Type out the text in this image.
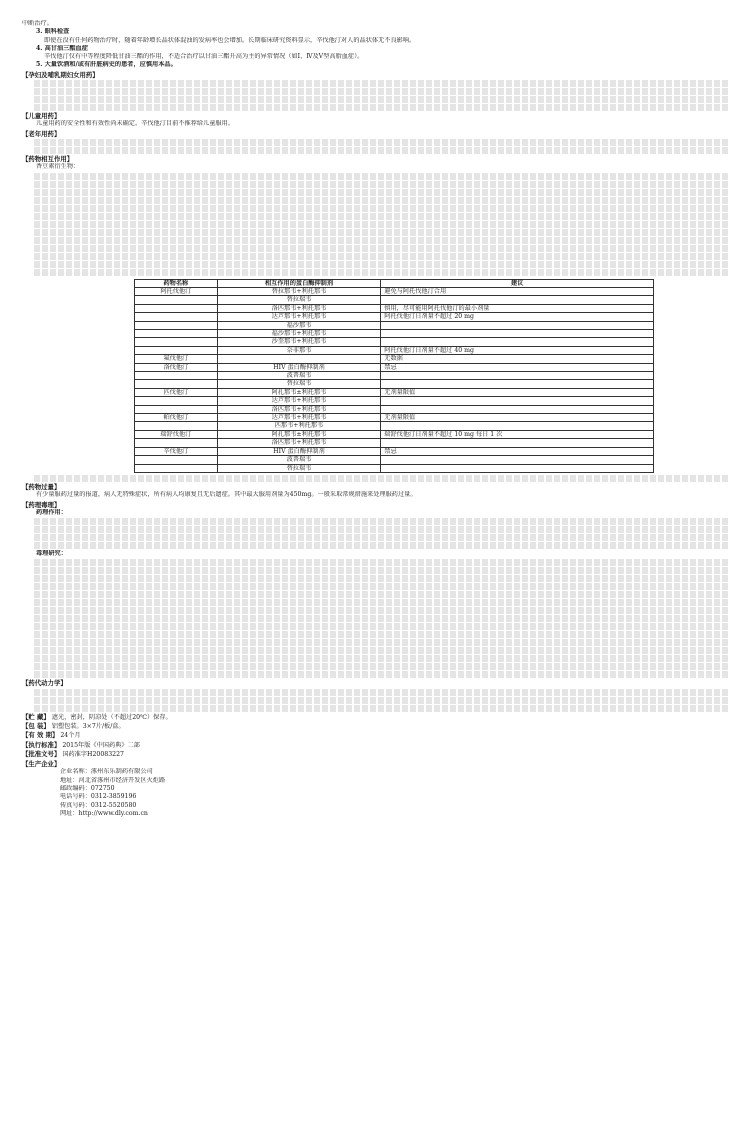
中断治疗。
3. 眼科检查
即使在没有任何药物治疗时，随着年龄增长晶状体混浊的发病率也会增加。长期临床研究资料显示，辛伐他汀对人的晶状体无不良影响。
4. 高甘油三酯血症
辛伐他汀仅有中等程度降低甘油三酯的作用，不适合治疗以甘油三酯升高为主的异常情况（如Ⅰ、Ⅳ及Ⅴ型高脂血症）。
5. 大量饮酒和/或有肝脏病史的患者，应慎用本品。
【孕妇及哺乳期妇女用药】
【儿童用药】
儿童用药的安全性和有效性尚未确定。辛伐他汀目前不推荐给儿童服用。
【老年用药】
【药物相互作用】
香豆素衍生物：
药物名称	相互作用的蛋白酶抑制剂	建议
阿托伐他汀	替拉那韦+利托那韦	避免与阿托伐他汀合用
	替拉瑞韦	
	洛匹那韦+利托那韦	慎用，尽可能用阿托伐他汀的最小剂量
	达芦那韦+利托那韦	阿托伐他汀日剂量不超过 20 mg
	福沙那韦	
	福沙那韦+利托那韦	
	沙奎那韦+利托那韦	
	奈非那韦	阿托伐他汀日剂量不超过 40 mg
氟伐他汀		无数据
洛伐他汀	HIV 蛋白酶抑制剂	禁忌
	波普瑞韦	
	替拉瑞韦	
匹伐他汀	阿扎那韦±利托那韦	无剂量限值
	达芦那韦+利托那韦	
	洛匹那韦+利托那韦	
帕伐他汀	达芦那韦+利托那韦	无剂量限值
	匹那韦+利托那韦	
瑞舒伐他汀	阿扎那韦±利托那韦	瑞舒伐他汀日剂量不超过 10 mg 每日 1 次
	洛匹那韦+利托那韦	
辛伐他汀	HIV 蛋白酶抑制剂	禁忌
	波普瑞韦	
	替拉瑞韦	
【药物过量】
有少量服药过量的报道，病人无特殊症状，所有病人均康复且无后遗症。其中最大服用剂量为450mg。一般采取常规措施来处理服药过量。
【药理毒理】
药理作用：
毒理研究：
【药代动力学】
【贮 藏】 遮光，密封，阴凉处（不超过20℃）保存。
【包 装】 铝塑包装。3×7片/板/盒。
【有 效 期】 24个月
【执行标准】 2015年版《中国药典》二部
【批准文号】 国药准字H20083227
【生产企业】
企业名称：涿州东乐制药有限公司
地址：河北省涿州市经济开发区火炬路
邮政编码：072750
电话号码：0312-3859196
传真号码：0312-5520580
网址：http://www.dly.com.cn
